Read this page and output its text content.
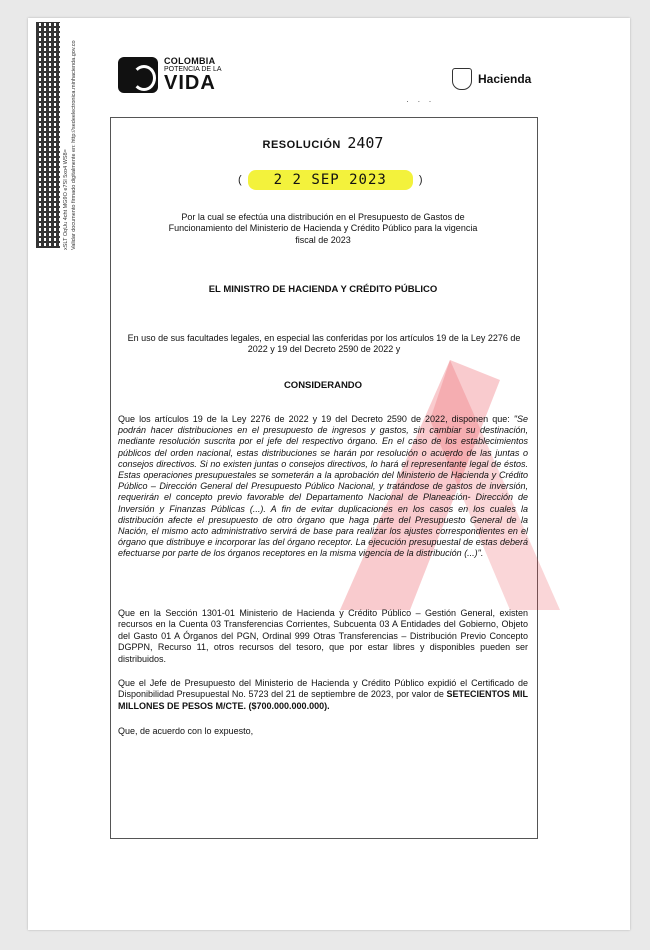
xSLT OqUu 4cht MG9O e7SI 5xo4 WS8= Validar documento firmado digitalmente en: http://sedeelectronica.minhacienda.gov.co	COLOMBIA
POTENCIA DE LA
VIDA	Hacienda
· ∙ ·
RESOLUCIÓN 2407
(	2 2 SEP 2023	)
Por la cual se efectúa una distribución en el Presupuesto de Gastos de Funcionamiento del Ministerio de Hacienda y Crédito Público para la vigencia fiscal de 2023
EL MINISTRO DE HACIENDA Y CRÉDITO PÚBLICO
En uso de sus facultades legales, en especial las conferidas por los artículos 19 de la Ley 2276 de 2022 y 19 del Decreto 2590 de 2022 y
CONSIDERANDO
Que los artículos 19 de la Ley 2276 de 2022 y 19 del Decreto 2590 de 2022, disponen que: "Se podrán hacer distribuciones en el presupuesto de ingresos y gastos, sin cambiar su destinación, mediante resolución suscrita por el jefe del respectivo órgano. En el caso de los establecimientos públicos del orden nacional, estas distribuciones se harán por resolución o acuerdo de las juntas o consejos directivos. Si no existen juntas o consejos directivos, lo hará el representante legal de éstos. Estas operaciones presupuestales se someterán a la aprobación del Ministerio de Hacienda y Crédito Público – Dirección General del Presupuesto Público Nacional, y tratándose de gastos de inversión, requerirán el concepto previo favorable del Departamento Nacional de Planeación- Dirección de Inversión y Finanzas Públicas (...). A fin de evitar duplicaciones en los casos en los cuales la distribución afecte el presupuesto de otro órgano que haga parte del Presupuesto General de la Nación, el mismo acto administrativo servirá de base para realizar los ajustes correspondientes en el órgano que distribuye e incorporar las del órgano receptor. La ejecución presupuestal de estas deberá efectuarse por parte de los órganos receptores en la misma vigencia de la distribución (...)".
Que en la Sección 1301-01 Ministerio de Hacienda y Crédito Público – Gestión General, existen recursos en la Cuenta 03 Transferencias Corrientes, Subcuenta 03 A Entidades del Gobierno, Objeto del Gasto 01 A Órganos del PGN, Ordinal 999 Otras Transferencias – Distribución Previo Concepto DGPPN, Recurso 11, otros recursos del tesoro, que por estar libres y disponibles pueden ser distribuidos.
Que el Jefe de Presupuesto del Ministerio de Hacienda y Crédito Público expidió el Certificado de Disponibilidad Presupuestal No. 5723 del 21 de septiembre de 2023, por valor de SETECIENTOS MIL MILLONES DE PESOS M/CTE. ($700.000.000.000).
Que, de acuerdo con lo expuesto,
